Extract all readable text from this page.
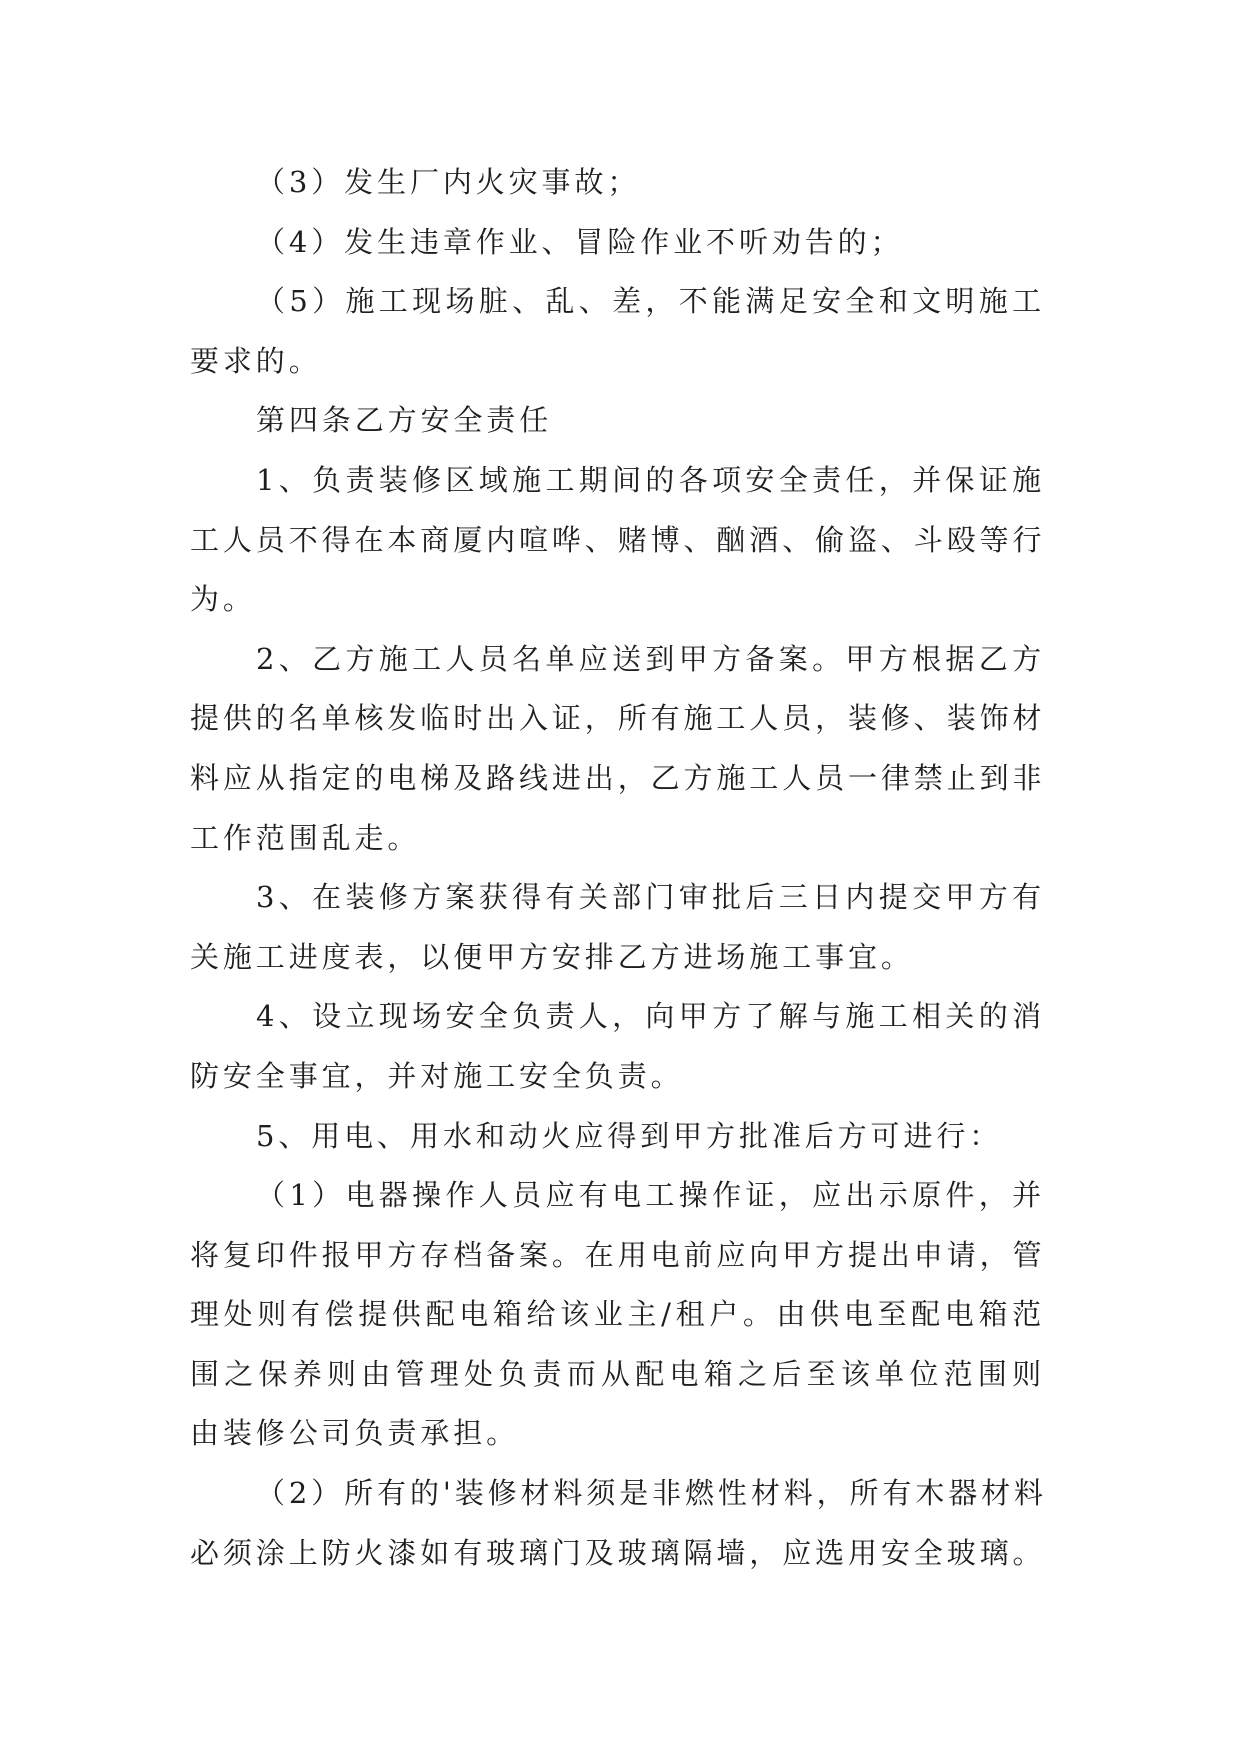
（3）发生厂内火灾事故；
（4）发生违章作业、冒险作业不听劝告的；
（5）施工现场脏、乱、差，不能满足安全和文明施工
要求的。
第四条乙方安全责任
1、负责装修区域施工期间的各项安全责任，并保证施
工人员不得在本商厦内喧哗、赌博、酗酒、偷盗、斗殴等行
为。
2、乙方施工人员名单应送到甲方备案。甲方根据乙方
提供的名单核发临时出入证，所有施工人员，装修、装饰材
料应从指定的电梯及路线进出，乙方施工人员一律禁止到非
工作范围乱走。
3、在装修方案获得有关部门审批后三日内提交甲方有
关施工进度表，以便甲方安排乙方进场施工事宜。
4、设立现场安全负责人，向甲方了解与施工相关的消
防安全事宜，并对施工安全负责。
5、用电、用水和动火应得到甲方批准后方可进行：
（1）电器操作人员应有电工操作证，应出示原件，并
将复印件报甲方存档备案。在用电前应向甲方提出申请，管
理处则有偿提供配电箱给该业主/租户。由供电至配电箱范
围之保养则由管理处负责而从配电箱之后至该单位范围则
由装修公司负责承担。
（2）所有的'装修材料须是非燃性材料，所有木器材料
必须涂上防火漆如有玻璃门及玻璃隔墙，应选用安全玻璃。
